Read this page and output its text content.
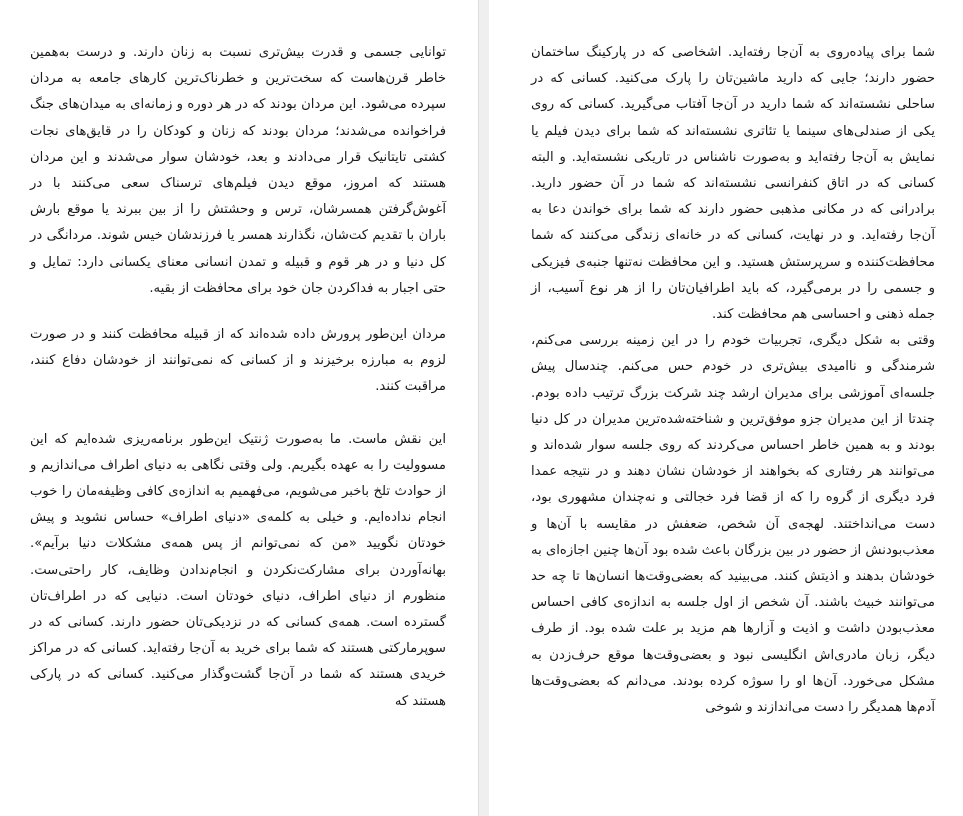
توانایی جسمی و قدرت بیش‌تری نسبت به زنان دارند. و درست به‌همین خاطر قرن‌هاست که سخت‌ترین و خطرناک‌ترین کارهای جامعه به مردان سپرده می‌شود. این مردان بودند که در هر دوره و زمانه‌ای به میدان‌های جنگ فراخوانده می‌شدند؛ مردان بودند که زنان و کودکان را در قایق‌های نجات کشتی تایتانیک قرار می‌دادند و بعد، خودشان سوار می‌شدند و این مردان هستند که امروز، موقع دیدن فیلم‌های ترسناک سعی می‌کنند با در آغوش‌گرفتن همسرشان، ترس و وحشتش را از بین ببرند یا موقع بارش باران با تقدیم کت‌شان، نگذارند همسر یا فرزندشان خیس شوند. مردانگی در کل دنیا و در هر قوم و قبیله و تمدن انسانی معنای یکسانی دارد: تمایل و حتی اجبار به فداکردن جان خود برای محافظت از بقیه.

مردان این‌طور پرورش داده شده‌اند که از قبیله محافظت کنند و در صورت لزوم به مبارزه برخیزند و از کسانی که نمی‌توانند از خودشان دفاع کنند، مراقبت کنند.

این نقش ماست. ما به‌صورت ژنتیک این‌طور برنامه‌ریزی شده‌ایم که این مسوولیت را به عهده بگیریم. ولی وقتی نگاهی به دنیای اطراف می‌اندازیم و از حوادث تلخ باخبر می‌شویم، می‌فهمیم به اندازه‌ی کافی وظیفه‌مان را خوب انجام نداده‌ایم. و خیلی به کلمه‌ی «دنیای اطراف» حساس نشوید و پیش خودتان نگویید «من که نمی‌توانم از پس همه‌ی مشکلات دنیا برآیم». بهانه‌آوردن برای مشارکت‌نکردن و انجام‌ندادن وظایف، کار راحتی‌ست. منظورم از دنیای اطراف، دنیای خودتان است. دنیایی که در اطراف‌تان گسترده است. همه‌ی کسانی که در نزدیکی‌تان حضور دارند. کسانی که در سوپرمارکتی هستند که شما برای خرید به آن‌جا رفته‌اید. کسانی که در مراکز خریدی هستند که شما در آن‌جا گشت‌وگذار می‌کنید. کسانی که در پارکی هستند که

شما برای پیاده‌روی به آن‌جا رفته‌اید. اشخاصی که در پارکینگ ساختمان حضور دارند؛ جایی که دارید ماشین‌تان را پارک می‌کنید. کسانی که در ساحلی نشسته‌اند که شما دارید در آن‌جا آفتاب می‌گیرید. کسانی که روی یکی از صندلی‌های سینما یا تئاتری نشسته‌اند که شما برای دیدن فیلم یا نمایش به آن‌جا رفته‌اید و به‌صورت ناشناس در تاریکی نشسته‌اید. و البته کسانی که در اتاق کنفرانسی نشسته‌اند که شما در آن حضور دارید. برادرانی که در مکانی مذهبی حضور دارند که شما برای خواندن دعا به آن‌جا رفته‌اید. و در نهایت، کسانی که در خانه‌ای زندگی می‌کنند که شما محافظت‌کننده و سرپرستش هستید. و این محافظت نه‌تنها جنبه‌ی فیزیکی و جسمی را در برمی‌گیرد، که باید اطرافیان‌تان را از هر نوع آسیب، از جمله ذهنی و احساسی هم محافظت کند.

وقتی به شکل دیگری، تجربیات خودم را در این زمینه بررسی می‌کنم، شرمندگی و ناامیدی بیش‌تری در خودم حس می‌کنم. چندسال پیش جلسه‌ای آموزشی برای مدیران ارشد چند شرکت بزرگ ترتیب داده بودم. چندتا از این مدیران جزو موفق‌ترین و شناخته‌شده‌ترین مدیران در کل دنیا بودند و به همین خاطر احساس می‌کردند که روی جلسه سوار شده‌اند و می‌توانند هر رفتاری که بخواهند از خودشان نشان دهند و در نتیجه عمدا فرد دیگری از گروه را که از قضا فرد خجالتی و نه‌چندان مشهوری بود، دست می‌انداختند. لهجه‌ی آن شخص، ضعفش در مقایسه با آن‌ها و معذب‌بودنش از حضور در بین بزرگان باعث شده بود آن‌ها چنین اجازه‌ای به خودشان بدهند و اذیتش کنند. می‌بینید که بعضی‌وقت‌ها انسان‌ها تا چه حد می‌توانند خبیث باشند. آن شخص از اول جلسه به اندازه‌ی کافی احساس معذب‌بودن داشت و اذیت و آزارها هم مزید بر علت شده بود. از طرف دیگر، زبان مادری‌اش انگلیسی نبود و بعضی‌وقت‌ها موقع حرف‌زدن به مشکل می‌خورد. آن‌ها او را سوژه کرده بودند. می‌دانم که بعضی‌وقت‌ها آدم‌ها همدیگر را دست می‌اندازند و شوخی
